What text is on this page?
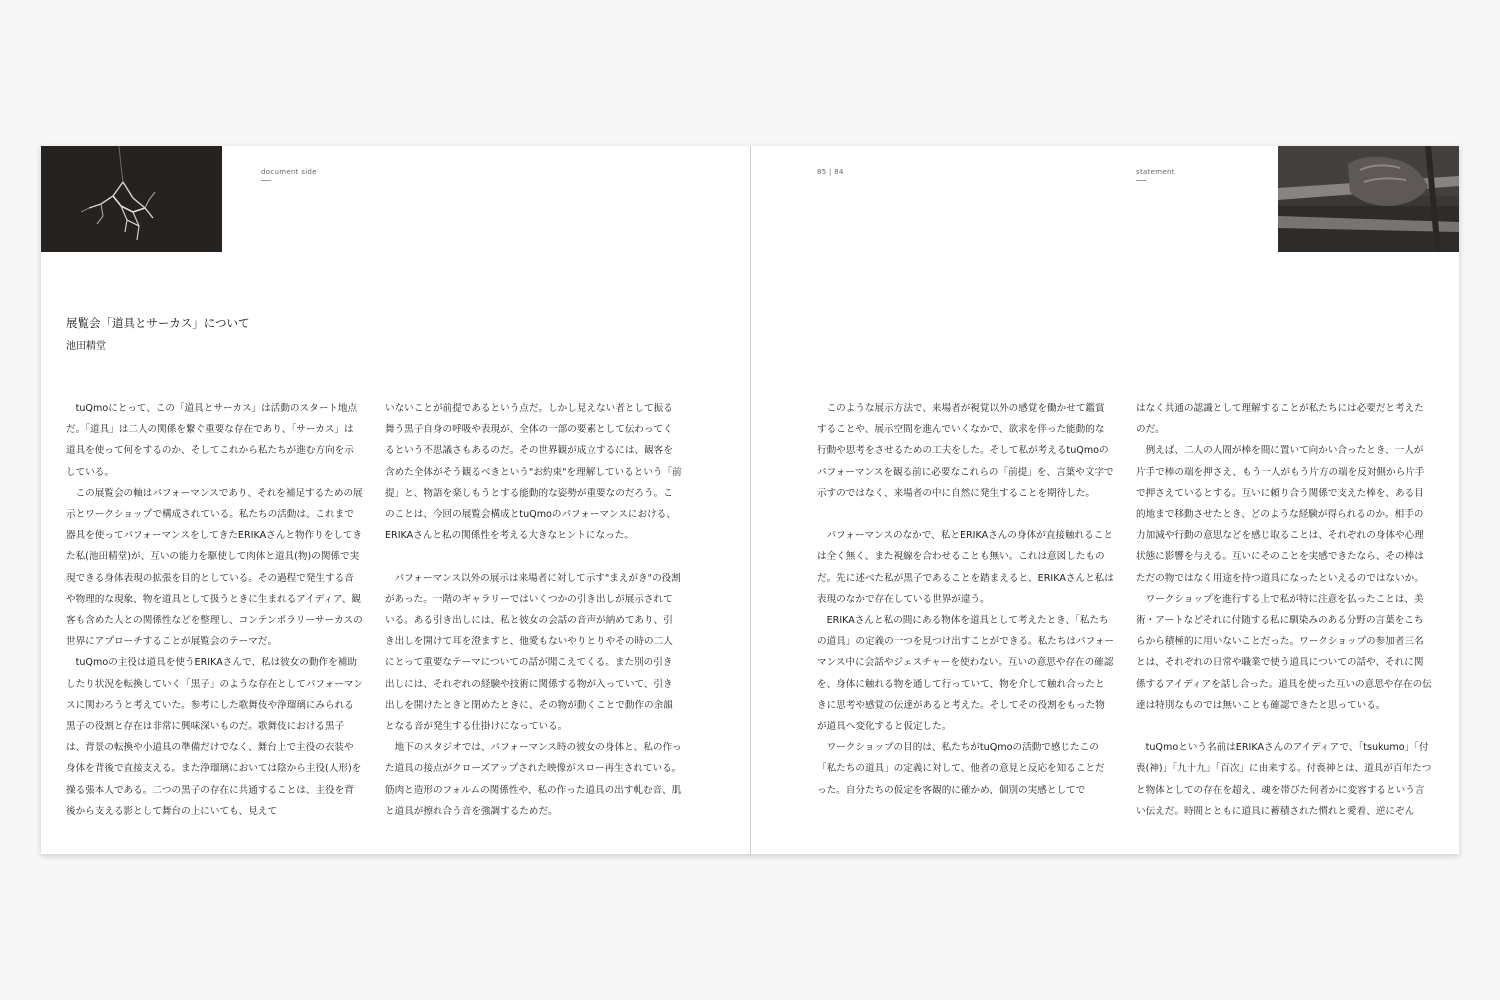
document side
展覧会「道具とサーカス」について
池田精堂

tuQmoにとって、この「道具とサーカス」は活動のスタート地点だ。「道具」は二人の関係を繋ぐ重要な存在であり、「サーカス」は道具を使って何をするのか、そしてこれから私たちが進む方向を示している。

この展覧会の軸はパフォーマンスであり、それを補足するための展示とワークショップで構成されている。私たちの活動は、これまで器具を使ってパフォーマンスをしてきたERIKAさんと物作りをしてきた私(池田精堂)が、互いの能力を駆使して肉体と道具(物)の関係で実現できる身体表現の拡張を目的としている。その過程で発生する音や物理的な現象、物を道具として扱うときに生まれるアイディア、観客も含めた人との関係性などを整理し、コンテンポラリーサーカスの世界にアプローチすることが展覧会のテーマだ。

tuQmoの主役は道具を使うERIKAさんで、私は彼女の動作を補助したり状況を転換していく「黒子」のような存在としてパフォーマンスに関わろうと考えていた。参考にした歌舞伎や浄瑠璃にみられる黒子の役割と存在は非常に興味深いものだ。歌舞伎における黒子は、背景の転換や小道具の準備だけでなく、舞台上で主役の衣装や身体を背後で直接支える。また浄瑠璃においては陰から主役(人形)を操る張本人である。二つの黒子の存在に共通することは、主役を背後から支える影として舞台の上にいても、見えて

いないことが前提であるという点だ。しかし見えない者として振る舞う黒子自身の呼吸や表現が、全体の一部の要素として伝わってくるという不思議さもあるのだ。その世界観が成立するには、観客を含めた全体がそう観るべきという"お約束"を理解しているという「前提」と、物語を楽しもうとする能動的な姿勢が重要なのだろう。このことは、今回の展覧会構成とtuQmoのパフォーマンスにおける、ERIKAさんと私の関係性を考える大きなヒントになった。

パフォーマンス以外の展示は来場者に対して示す"まえがき"の役割があった。一階のギャラリーではいくつかの引き出しが展示されている。ある引き出しには、私と彼女の会話の音声が納めてあり、引き出しを開けて耳を澄ますと、他愛もないやりとりやその時の二人にとって重要なテーマについての話が聞こえてくる。また別の引き出しには、それぞれの経験や技術に関係する物が入っていて、引き出しを開けたときと閉めたときに、その物が動くことで動作の余韻となる音が発生する仕掛けになっている。

地下のスタジオでは、パフォーマンス時の彼女の身体と、私の作った道具の接点がクローズアップされた映像がスロー再生されている。筋肉と造形のフォルムの関係性や、私の作った道具の出す軋む音、肌と道具が擦れ合う音を強調するためだ。

85 | 84	statement

このような展示方法で、来場者が視覚以外の感覚を働かせて鑑賞することや、展示空間を進んでいくなかで、欲求を伴った能動的な行動や思考をさせるための工夫をした。そして私が考えるtuQmoのパフォーマンスを観る前に必要なこれらの「前提」を、言葉や文字で示すのではなく、来場者の中に自然に発生することを期待した。

パフォーマンスのなかで、私とERIKAさんの身体が直接触れることは全く無く、また視線を合わせることも無い。これは意図したものだ。先に述べた私が黒子であることを踏まえると、ERIKAさんと私は表現のなかで存在している世界が違う。

ERIKAさんと私の間にある物体を道具として考えたとき、「私たちの道具」の定義の一つを見つけ出すことができる。私たちはパフォーマンス中に会話やジェスチャーを使わない。互いの意思や存在の確認を、身体に触れる物を通して行っていて、物を介して触れ合ったときに思考や感覚の伝達があると考えた。そしてその役割をもった物が道具へ変化すると仮定した。

ワークショップの目的は、私たちがtuQmoの活動で感じたこの「私たちの道具」の定義に対して、他者の意見と反応を知ることだった。自分たちの仮定を客観的に確かめ、個別の実感としてで

はなく共通の認識として理解することが私たちには必要だと考えたのだ。

例えば、二人の人間が棒を間に置いて向かい合ったとき、一人が片手で棒の端を押さえ、もう一人がもう片方の端を反対側から片手で押さえているとする。互いに頼り合う関係で支えた棒を、ある目的地まで移動させたとき、どのような経験が得られるのか。相手の力加減や行動の意思などを感じ取ることは、それぞれの身体や心理状態に影響を与える。互いにそのことを実感できたなら、その棒はただの物ではなく用途を持つ道具になったといえるのではないか。

ワークショップを進行する上で私が特に注意を払ったことは、美術・アートなどそれに付随する私に馴染みのある分野の言葉をこちらから積極的に用いないことだった。ワークショップの参加者三名とは、それぞれの日常や職業で使う道具についての話や、それに関係するアイディアを話し合った。道具を使った互いの意思や存在の伝達は特別なものでは無いことも確認できたと思っている。

tuQmoという名前はERIKAさんのアイディアで、「tsukumo」「付喪(神)」「九十九」「百次」に由来する。付喪神とは、道具が百年たつと物体としての存在を超え、魂を帯びた何者かに変容するという言い伝えだ。時間とともに道具に蓄積された慣れと愛着、逆にぞん
